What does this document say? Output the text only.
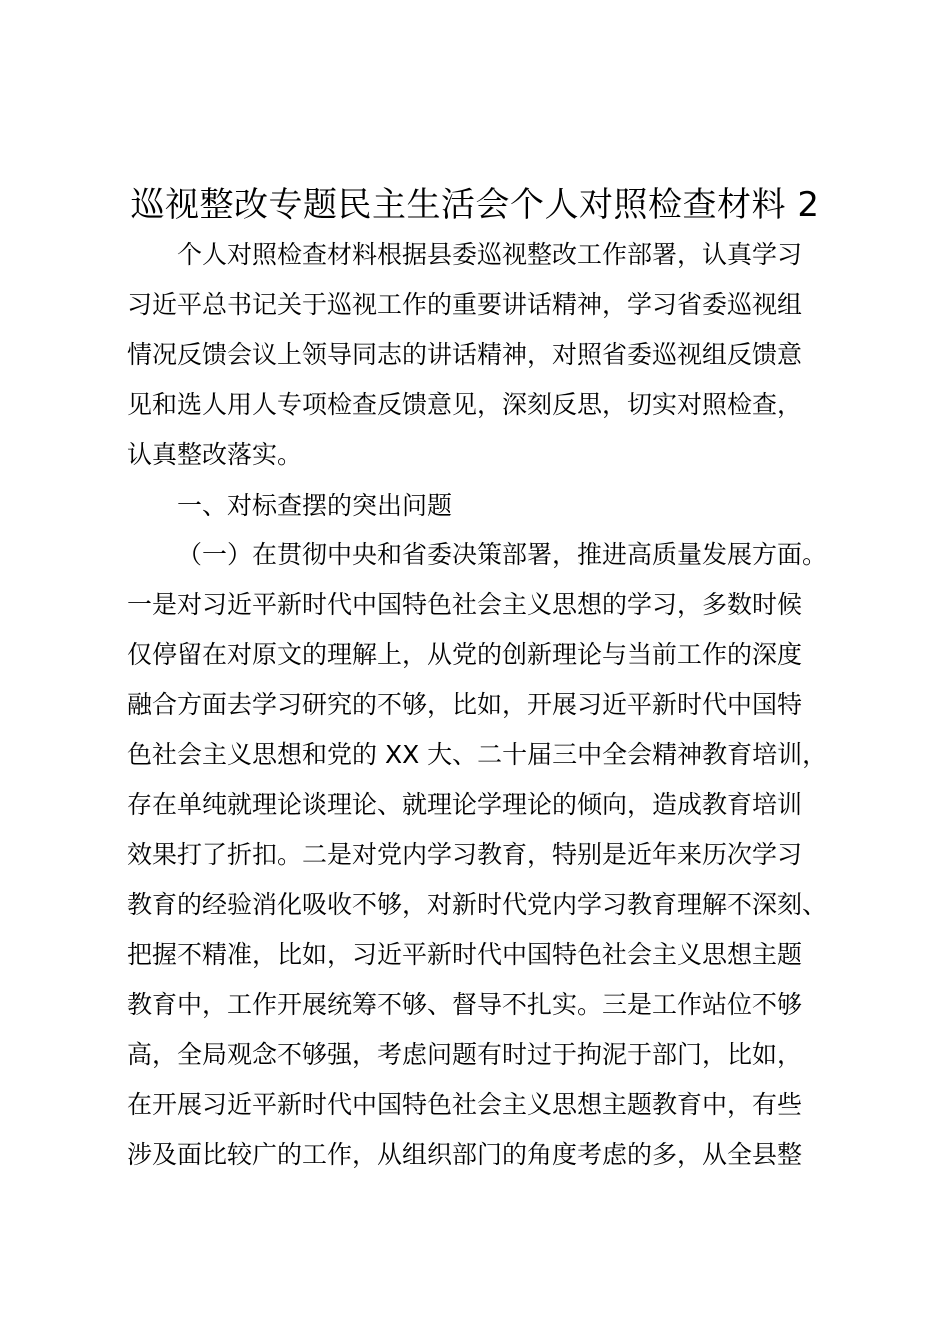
巡视整改专题民主生活会个人对照检查材料 2
个人对照检查材料根据县委巡视整改工作部署，认真学习
习近平总书记关于巡视工作的重要讲话精神，学习省委巡视组
情况反馈会议上领导同志的讲话精神，对照省委巡视组反馈意
见和选人用人专项检查反馈意见，深刻反思，切实对照检查，
认真整改落实。
一、对标查摆的突出问题
（一）在贯彻中央和省委决策部署，推进高质量发展方面。
一是对习近平新时代中国特色社会主义思想的学习，多数时候
仅停留在对原文的理解上，从党的创新理论与当前工作的深度
融合方面去学习研究的不够，比如，开展习近平新时代中国特
色社会主义思想和党的 XX 大、二十届三中全会精神教育培训，
存在单纯就理论谈理论、就理论学理论的倾向，造成教育培训
效果打了折扣。二是对党内学习教育，特别是近年来历次学习
教育的经验消化吸收不够，对新时代党内学习教育理解不深刻、
把握不精准，比如，习近平新时代中国特色社会主义思想主题
教育中，工作开展统筹不够、督导不扎实。三是工作站位不够
高，全局观念不够强，考虑问题有时过于拘泥于部门，比如，
在开展习近平新时代中国特色社会主义思想主题教育中，有些
涉及面比较广的工作，从组织部门的角度考虑的多，从全县整
